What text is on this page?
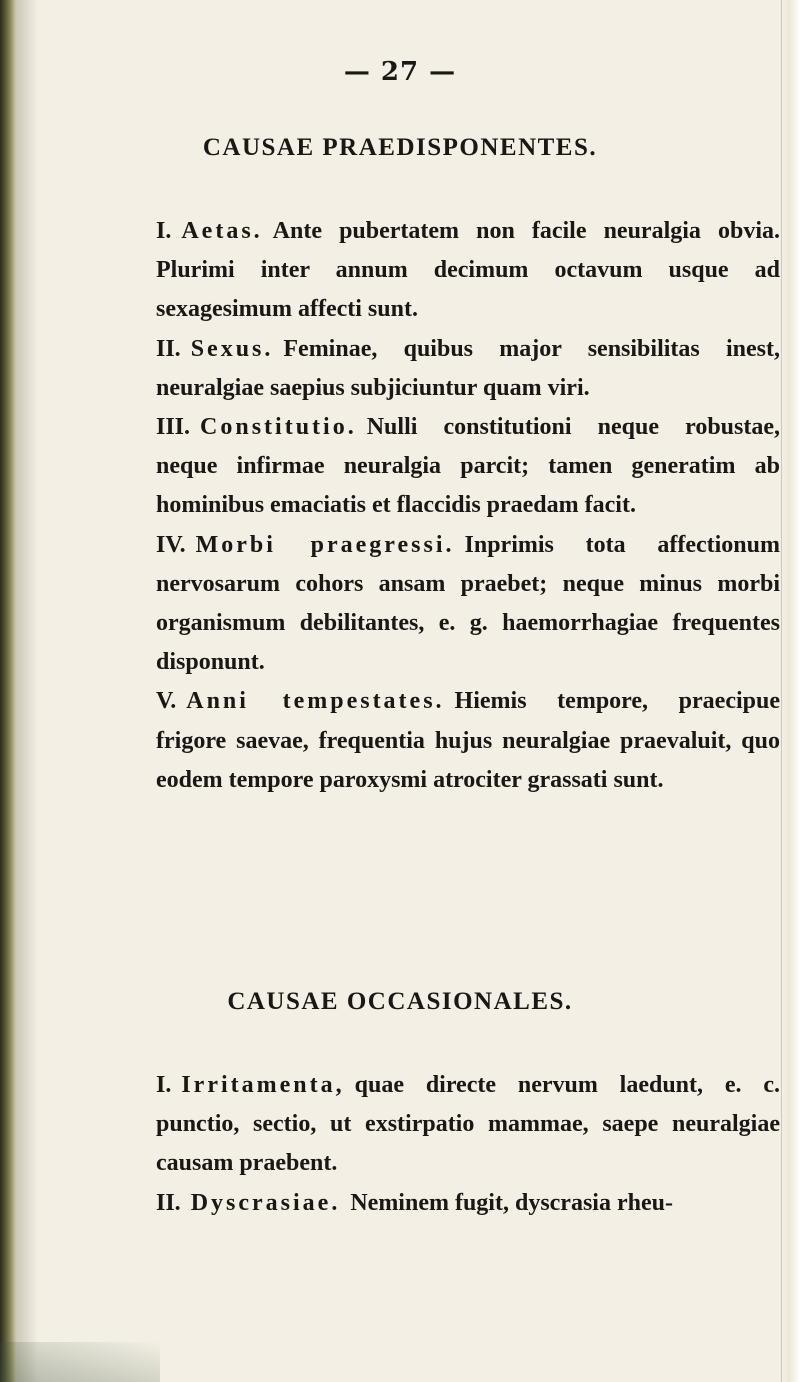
— 27 —
CAUSAE PRAEDISPONENTES.

I. Aetas. Ante pubertatem non facile neuralgia obvia. Plurimi inter annum decimum octavum usque ad sexagesimum affecti sunt.

II. Sexus. Feminae, quibus major sensibilitas inest, neuralgiae saepius subjiciuntur quam viri.

III. Constitutio. Nulli constitutioni neque robustae, neque infirmae neuralgia parcit; tamen generatim ab hominibus emaciatis et flaccidis praedam facit.

IV. Morbi praegressi. Inprimis tota affectionum nervosarum cohors ansam praebet; neque minus morbi organismum debilitantes, e. g. haemorrhagiae frequentes disponunt.

V. Anni tempestates. Hiemis tempore, praecipue frigore saevae, frequentia hujus neuralgiae praevaluit, quo eodem tempore paroxysmi atrociter grassati sunt.

CAUSAE OCCASIONALES.

I. Irritamenta, quae directe nervum laedunt, e. c. punctio, sectio, ut exstirpatio mammae, saepe neuralgiae causam praebent.

II. Dyscrasiae. Neminem fugit, dyscrasia rheu-
